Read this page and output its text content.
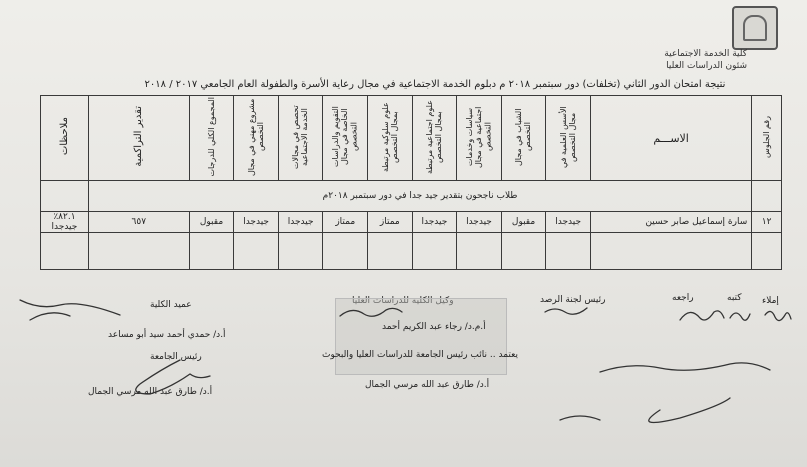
كلية الخدمة الاجتماعية
شئون الدراسات العليا
نتيجة امتحان الدور الثاني (تخلفات) دور سبتمبر ٢٠١٨ م دبلوم الخدمة الاجتماعية في مجال رعاية الأسرة والطفولة العام الجامعي ٢٠١٧ / ٢٠١٨
رقم الجلوس	الاســـم	الأسس العلمية في مجال التخصص	الشباب في مجال التخصص	سياسات وخدمات اجتماعية في مجال التخصص	علوم اجتماعية مرتبطة بمجال التخصص	علوم سلوكية مرتبطة بمجال التخصص	التقويم والدراسات الخاصة في مجال التخصص	تحصص في مجالات الخدمة الاجتماعية	مشروع مهني في مجال التخصص	المجموع الكلي للدرجات	تقدير التراكمية	ملاحظات
	طلاب ناجحون بتقدير جيد جدا في دور سبتمبر ٢٠١٨م											
١٢	سارة إسماعيل صابر حسين	جيدجدا	مقبول	جيدجدا	جيدجدا	ممتاز	ممتاز	جيدجدا	جيدجدا	مقبول	٦٥٧	٨٢.١٪ جيدجدا

إملاء
كتبه
راجعه
رئيس لجنة الرصد
وكيل الكلية للدراسات العليا
عميد الكلية
أ.م.د/ رجاء عبد الكريم أحمد
أ.د/ حمدي أحمد سيد أبو مساعد
يعتمد .. نائب رئيس الجامعة للدراسات العليا والبحوث
رئيس الجامعة
أ.د/ طارق عبد الله مرسي الجمال
أ.د/ طارق عبد الله مرسي الجمال
